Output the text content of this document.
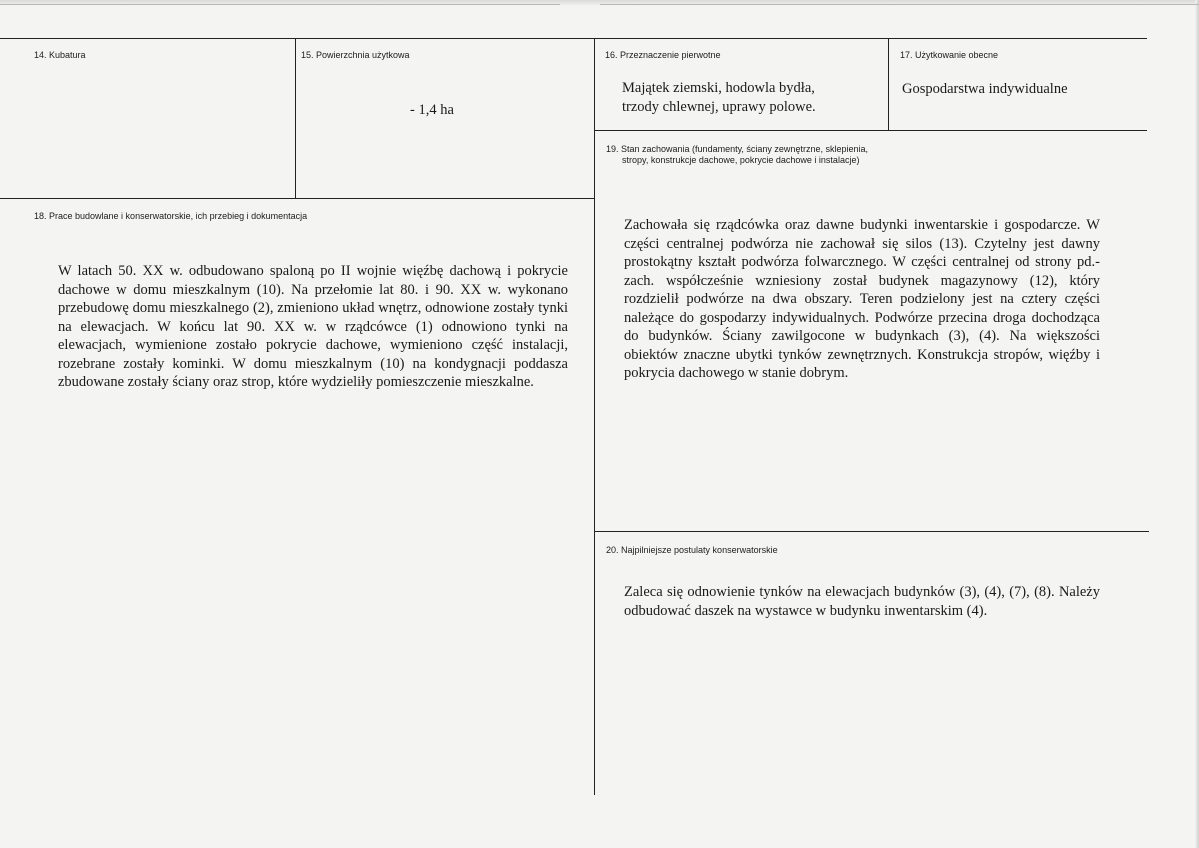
14. Kubatura	15. Powierzchnia użytkowa
- 1,4 ha
16. Przeznaczenie pierwotne
Majątek ziemski, hodowla bydła,
trzody chlewnej, uprawy polowe.
17. Użytkowanie obecne
Gospodarstwa indywidualne
19. Stan zachowania (fundamenty, ściany zewnętrzne, sklepienia,
stropy, konstrukcje dachowe, pokrycie dachowe i instalacje)
Zachowała się rządcówka oraz dawne budynki inwentarskie i gospodarcze. W części centralnej podwórza nie zachował się silos (13). Czytelny jest dawny prostokątny kształt podwórza folwarcznego. W części centralnej od strony pd.-zach. współcześnie wzniesiony został budynek magazynowy (12), który rozdzielił podwórze na dwa obszary. Teren podzielony jest na cztery części należące do gospodarzy indywidualnych. Podwórze przecina droga dochodząca do budynków. Ściany zawilgocone w budynkach (3), (4). Na większości obiektów znaczne ubytki tynków zewnętrznych. Konstrukcja stropów, więźby i pokrycia dachowego w stanie dobrym.
18. Prace budowlane i konserwatorskie, ich przebieg i dokumentacja
W latach 50. XX w. odbudowano spaloną po II wojnie więźbę dachową i pokrycie dachowe w domu mieszkalnym (10). Na przełomie lat 80. i 90. XX w. wykonano przebudowę domu mieszkalnego (2), zmieniono układ wnętrz, odnowione zostały tynki na elewacjach. W końcu lat 90. XX w. w rządcówce (1) odnowiono tynki na elewacjach, wymienione zostało pokrycie dachowe, wymieniono część instalacji, rozebrane zostały kominki. W domu mieszkalnym (10) na kondygnacji poddasza zbudowane zostały ściany oraz strop, które wydzieliły pomieszczenie mieszkalne.
20. Najpilniejsze postulaty konserwatorskie
Zaleca się odnowienie tynków na elewacjach budynków (3), (4), (7), (8). Należy odbudować daszek na wystawce w budynku inwentarskim (4).
